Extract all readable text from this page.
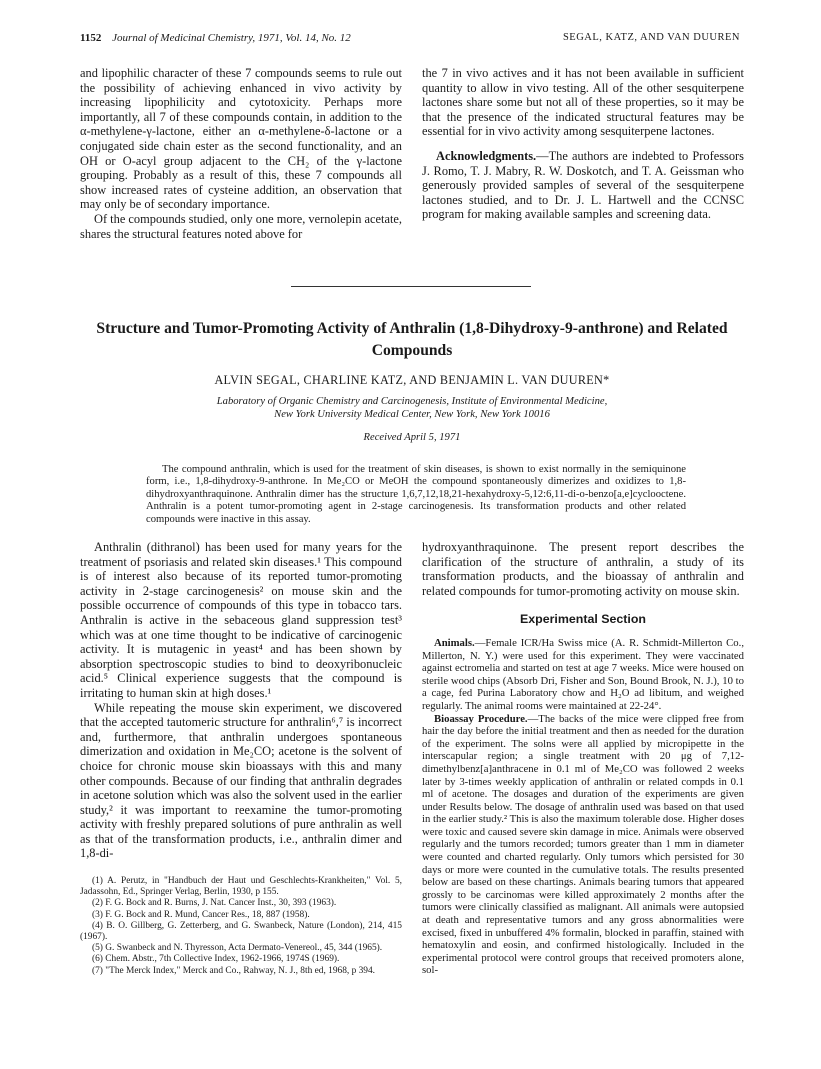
1152 Journal of Medicinal Chemistry, 1971, Vol. 14, No. 12	SEGAL, KATZ, AND VAN DUUREN

and lipophilic character of these 7 compounds seems to rule out the possibility of achieving enhanced in vivo activity by increasing lipophilicity and cytotoxicity. Perhaps more importantly, all 7 of these compounds contain, in addition to the α-methylene-γ-lactone, either an α-methylene-δ-lactone or a conjugated side chain ester as the second functionality, and an OH or O-acyl group adjacent to the CH₂ of the γ-lactone grouping. Probably as a result of this, these 7 compounds all show increased rates of cysteine addition, an observation that may only be of secondary importance.

Of the compounds studied, only one more, vernolepin acetate, shares the structural features noted above for

the 7 in vivo actives and it has not been available in sufficient quantity to allow in vivo testing. All of the other sesquiterpene lactones share some but not all of these properties, so it may be that the presence of the indicated structural features may be essential for in vivo activity among sesquiterpene lactones.

Acknowledgments.—The authors are indebted to Professors J. Romo, T. J. Mabry, R. W. Doskotch, and T. A. Geissman who generously provided samples of several of the sesquiterpene lactones studied, and to Dr. J. L. Hartwell and the CCNSC program for making available samples and screening data.

Structure and Tumor-Promoting Activity of Anthralin (1,8-Dihydroxy-9-anthrone) and Related Compounds
ALVIN SEGAL, CHARLINE KATZ, AND BENJAMIN L. VAN DUUREN*
Laboratory of Organic Chemistry and Carcinogenesis, Institute of Environmental Medicine,
New York University Medical Center, New York, New York 10016
Received April 5, 1971

The compound anthralin, which is used for the treatment of skin diseases, is shown to exist normally in the semiquinone form, i.e., 1,8-dihydroxy-9-anthrone. In Me₂CO or MeOH the compound spontaneously dimerizes and oxidizes to 1,8-dihydroxyanthraquinone. Anthralin dimer has the structure 1,6,7,12,18,21-hexahydroxy-5,12:6,11-di-o-benzo[a,e]cyclooctene. Anthralin is a potent tumor-promoting agent in 2-stage carcinogenesis. Its transformation products and other related compounds were inactive in this assay.

Anthralin (dithranol) has been used for many years for the treatment of psoriasis and related skin diseases.¹ This compound is of interest also because of its reported tumor-promoting activity in 2-stage carcinogenesis² on mouse skin and the possible occurrence of compounds of this type in tobacco tars. Anthralin is active in the sebaceous gland suppression test³ which was at one time thought to be indicative of carcinogenic activity. It is mutagenic in yeast⁴ and has been shown by absorption spectroscopic studies to bind to deoxyribonucleic acid.⁵ Clinical experience suggests that the compound is irritating to human skin at high doses.¹

While repeating the mouse skin experiment, we discovered that the accepted tautomeric structure for anthralin⁶,⁷ is incorrect and, furthermore, that anthralin undergoes spontaneous dimerization and oxidation in Me₂CO; acetone is the solvent of choice for chronic mouse skin bioassays with this and many other compounds. Because of our finding that anthralin degrades in acetone solution which was also the solvent used in the earlier study,² it was important to reexamine the tumor-promoting activity with freshly prepared solutions of pure anthralin as well as that of the transformation products, i.e., anthralin dimer and 1,8-di-

hydroxyanthraquinone. The present report describes the clarification of the structure of anthralin, a study of its transformation products, and the bioassay of anthralin and related compounds for tumor-promoting activity on mouse skin.

Experimental Section

Animals.—Female ICR/Ha Swiss mice (A. R. Schmidt-Millerton Co., Millerton, N. Y.) were used for this experiment. They were vaccinated against ectromelia and started on test at age 7 weeks. Mice were housed on sterile wood chips (Absorb Dri, Fisher and Son, Bound Brook, N. J.), 10 to a cage, fed Purina Laboratory chow and H₂O ad libitum, and weighed regularly. The animal rooms were maintained at 22-24°.

Bioassay Procedure.—The backs of the mice were clipped free from hair the day before the initial treatment and then as needed for the duration of the experiment. The solns were all applied by micropipette in the interscapular region; a single treatment with 20 μg of 7,12-dimethylbenz[a]anthracene in 0.1 ml of Me₂CO was followed 2 weeks later by 3-times weekly application of anthralin or related compds in 0.1 ml of acetone. The dosages and duration of the experiments are given under Results below. The dosage of anthralin used was based on that used in the earlier study.² This is also the maximum tolerable dose. Higher doses were toxic and caused severe skin damage in mice. Animals were observed regularly and the tumors recorded; tumors greater than 1 mm in diameter were counted and charted regularly. Only tumors which persisted for 30 days or more were counted in the cumulative totals. The results presented below are based on these chartings. Animals bearing tumors that appeared grossly to be carcinomas were killed approximately 2 months after the tumors were clinically classified as malignant. All animals were autopsied at death and representative tumors and any gross abnormalities were excised, fixed in unbuffered 4% formalin, blocked in paraffin, stained with hematoxylin and eosin, and confirmed histologically. Included in the experimental protocol were control groups that received promoters alone, sol-

(1) A. Perutz, in "Handbuch der Haut und Geschlechts-Krankheiten," Vol. 5, Jadassohn, Ed., Springer Verlag, Berlin, 1930, p 155.

(2) F. G. Bock and R. Burns, J. Nat. Cancer Inst., 30, 393 (1963).

(3) F. G. Bock and R. Mund, Cancer Res., 18, 887 (1958).

(4) B. O. Gillberg, G. Zetterberg, and G. Swanbeck, Nature (London), 214, 415 (1967).

(5) G. Swanbeck and N. Thyresson, Acta Dermato-Venereol., 45, 344 (1965).

(6) Chem. Abstr., 7th Collective Index, 1962-1966, 1974S (1969).

(7) "The Merck Index," Merck and Co., Rahway, N. J., 8th ed, 1968, p 394.
